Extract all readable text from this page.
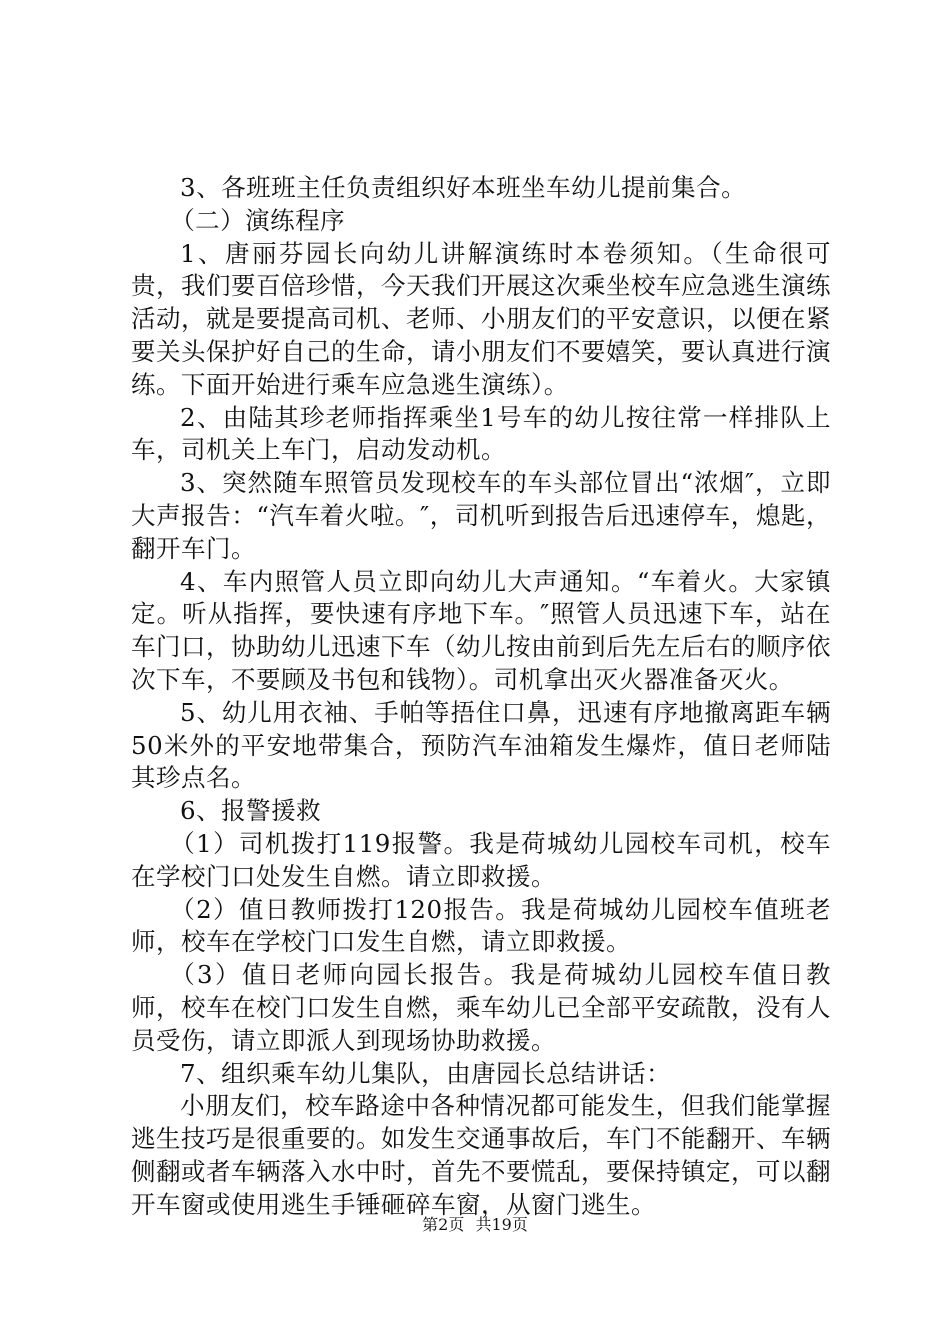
3、各班班主任负责组织好本班坐车幼儿提前集合。

（二）演练程序

1、唐丽芬园长向幼儿讲解演练时本卷须知。（生命很可贵，我们要百倍珍惜，今天我们开展这次乘坐校车应急逃生演练活动，就是要提高司机、老师、小朋友们的平安意识，以便在紧要关头保护好自己的生命，请小朋友们不要嬉笑，要认真进行演练。下面开始进行乘车应急逃生演练）。

2、由陆其珍老师指挥乘坐1号车的幼儿按往常一样排队上车，司机关上车门，启动发动机。

3、突然随车照管员发现校车的车头部位冒出“浓烟″，立即大声报告：“汽车着火啦。″，司机听到报告后迅速停车，熄匙，翻开车门。

4、车内照管人员立即向幼儿大声通知。“车着火。大家镇定。听从指挥，要快速有序地下车。″照管人员迅速下车，站在车门口，协助幼儿迅速下车（幼儿按由前到后先左后右的顺序依次下车，不要顾及书包和钱物）。司机拿出灭火器准备灭火。

5、幼儿用衣袖、手帕等捂住口鼻，迅速有序地撤离距车辆50米外的平安地带集合，预防汽车油箱发生爆炸，值日老师陆其珍点名。

6、报警援救

（1）司机拨打119报警。我是荷城幼儿园校车司机，校车在学校门口处发生自燃。请立即救援。

（2）值日教师拨打120报告。我是荷城幼儿园校车值班老师，校车在学校门口发生自燃，请立即救援。

（3）值日老师向园长报告。我是荷城幼儿园校车值日教师，校车在校门口发生自燃，乘车幼儿已全部平安疏散，没有人员受伤，请立即派人到现场协助救援。

7、组织乘车幼儿集队，由唐园长总结讲话：

小朋友们，校车路途中各种情况都可能发生，但我们能掌握逃生技巧是很重要的。如发生交通事故后，车门不能翻开、车辆侧翻或者车辆落入水中时，首先不要慌乱，要保持镇定，可以翻开车窗或使用逃生手锤砸碎车窗，从窗门逃生。

第2页 共19页
